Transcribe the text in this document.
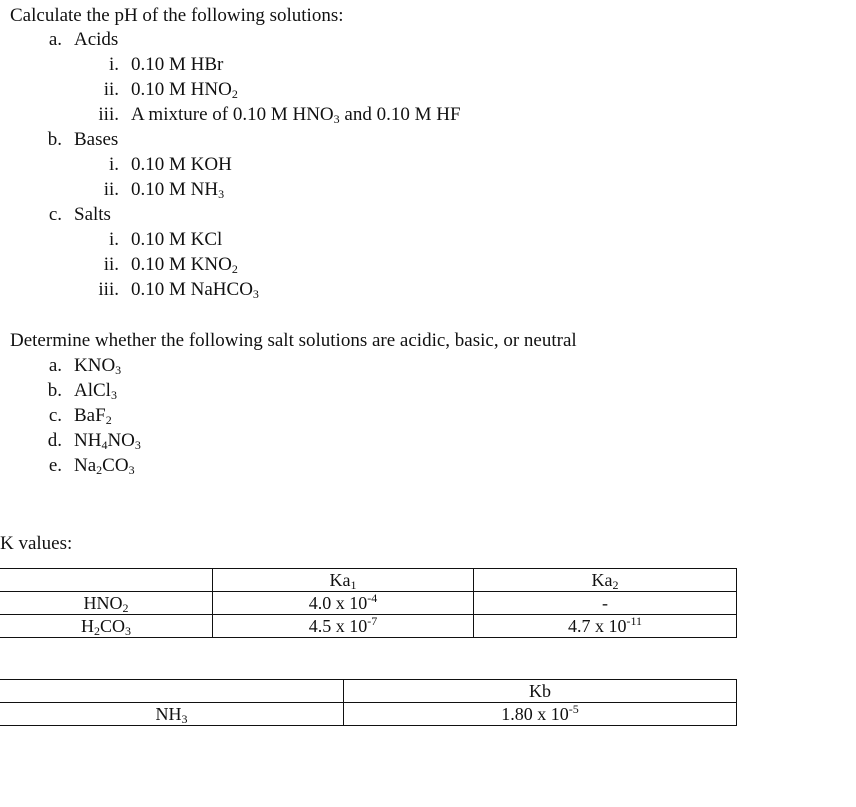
Calculate the pH of the following solutions:
a. Acids
i. 0.10 M HBr
ii. 0.10 M $HNO_2$
iii. A mixture of 0.10 M $HNO_3$ and 0.10 M HF
b. Bases
i. 0.10 M KOH
ii. 0.10 M $NH_3$
c. Salts
i. 0.10 M KCl
ii. 0.10 M $KNO_2$
iii. 0.10 M NaHCO$_3$
Determine whether the following salt solutions are acidic, basic, or neutral
a. $KNO_3$
b. AlCl$_3$
c. BaF$_2$
d. $NH_4NO_3$
e. $Na_2CO_3$
K values:
	$Ka_1$	$Ka_2$
$HNO_2$	4.0 x $10^{-4}$	-
$H_2CO_3$	4.5 x $10^{-7}$	4.7 x $10^{-11}$
	Kb
$NH_3$	1.80 x $10^{-5}$
